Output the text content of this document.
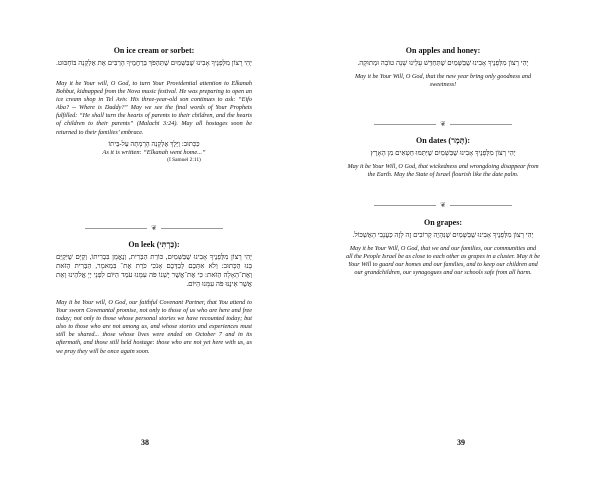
On ice cream or sorbet:

יְהִי רָצוֹן מִלְּפָנֶיךָ אָבִינוּ שֶׁבַּשָּׁמַיִם שֶׁתַּהְפֹּךְ בְּרַחֲמֶיךָ הָרַבִּים אֶת אֶלְקָנָה בּוֹחְבּוּט.

May it be Your will, O God, to turn Your Providential attention to Elkanah Bohbut, kidnapped from the Nova music festival. He was preparing to open an ice cream shop in Tel Aviv. His three-year-old son continues to ask: “Eifo Aba? -- Where is Daddy?” May we see the final words of Your Prophets fulfilled: “He shall turn the hearts of parents to their children, and the hearts of children to their parents” (Malachi 3:24). May all hostages soon be returned to their families’ embrace.

כַּכָּתוּב: וַיֵּלֶךְ אֶלְקָנָה הָרָמָתָה עַל-בֵּיתוֹ

As it is written: “Elkanah went home...”

(I Samuel 2:11)

❦
On leek (כַּרְתִּי):

יְהִי רָצוֹן מִלְּפָנֶיךָ אָבִינוּ שֶׁבַּשָּׁמַיִם, כּוֹרֵת הַבְּרִית, וְנֶאֱמָן בִּבְרִיתוֹ, וְקַיָּם שֶׁיִּקְיַּם בָּנוּ הַכָּתוּב: וְלֹא אִתְּכֶם לְבַדְּכֶם אָנֹכִי כֹּרֵת אֶת־ בִּמְאמָר, הַבְּרִית הַזֹּאת וְאֶת־הָאָלָה הַזֹּאת: כִּי אֶת־אֲשֶׁר יֶשְׁנוֹ פֹּה עִמָּנוּ עֹמֵד הַיּוֹם לִפְנֵי יְיָ אֱלֹהֵינוּ וְאֵת אֲשֶׁר אֵינֶנּוּ פֹּה עִמָּנוּ הַיּוֹם.

May it be Your will, O God, our faithful Covenant Partner, that You attend to Your sworn Covenantal promise, not only to those of us who are here and free today; not only to those whose personal stories we have recounted today; but also to those who are not among us, and whose stories and experiences must still be shared... those whose lives were ended on October 7 and in its aftermath, and those still held hostage: those who are not yet here with us, as we pray they will be once again soon.

38
On apples and honey:

יְהִי רָצוֹן מִלְּפָנֶיךָ אָבִינוּ שֶׁבַּשָּׁמַיִם שֶׁתְּחַדֵּשׁ עָלֵינוּ שָׁנָה טוֹבָה וּמְתוּקָה.

May it be Your Will, O God, that the new year bring only goodness and sweetness!

❦
On dates (תָּמָר):

יְהִי רָצוֹן מִלְּפָנֶיךָ אָבִינוּ שֶׁבַּשָּׁמַיִם שֶׁיִּתַּמּוּ חַטָּאִים מִן הָאָרֶץ

May it be Your Will, O God, that wickedness and wrongdoing disappear from the Earth. May the State of Israel flourish like the date palm.

❦
On grapes:

יְהִי רָצוֹן מִלְּפָנֶיךָ אָבִינוּ שֶׁבַּשָּׁמַיִם שֶׁנִּהְיֶה קְרוֹבִים זֶה לָזֶה כַּעֲנָבִי הָאֶשְׁכּוֹל.

May it be Your Will, O God, that we and our families, our communities and all the People Israel be as close to each other as grapes in a cluster. May it be Your Will to guard our homes and our families, and to keep our children and our grandchildren, our synagogues and our schools safe from all harm.

39
